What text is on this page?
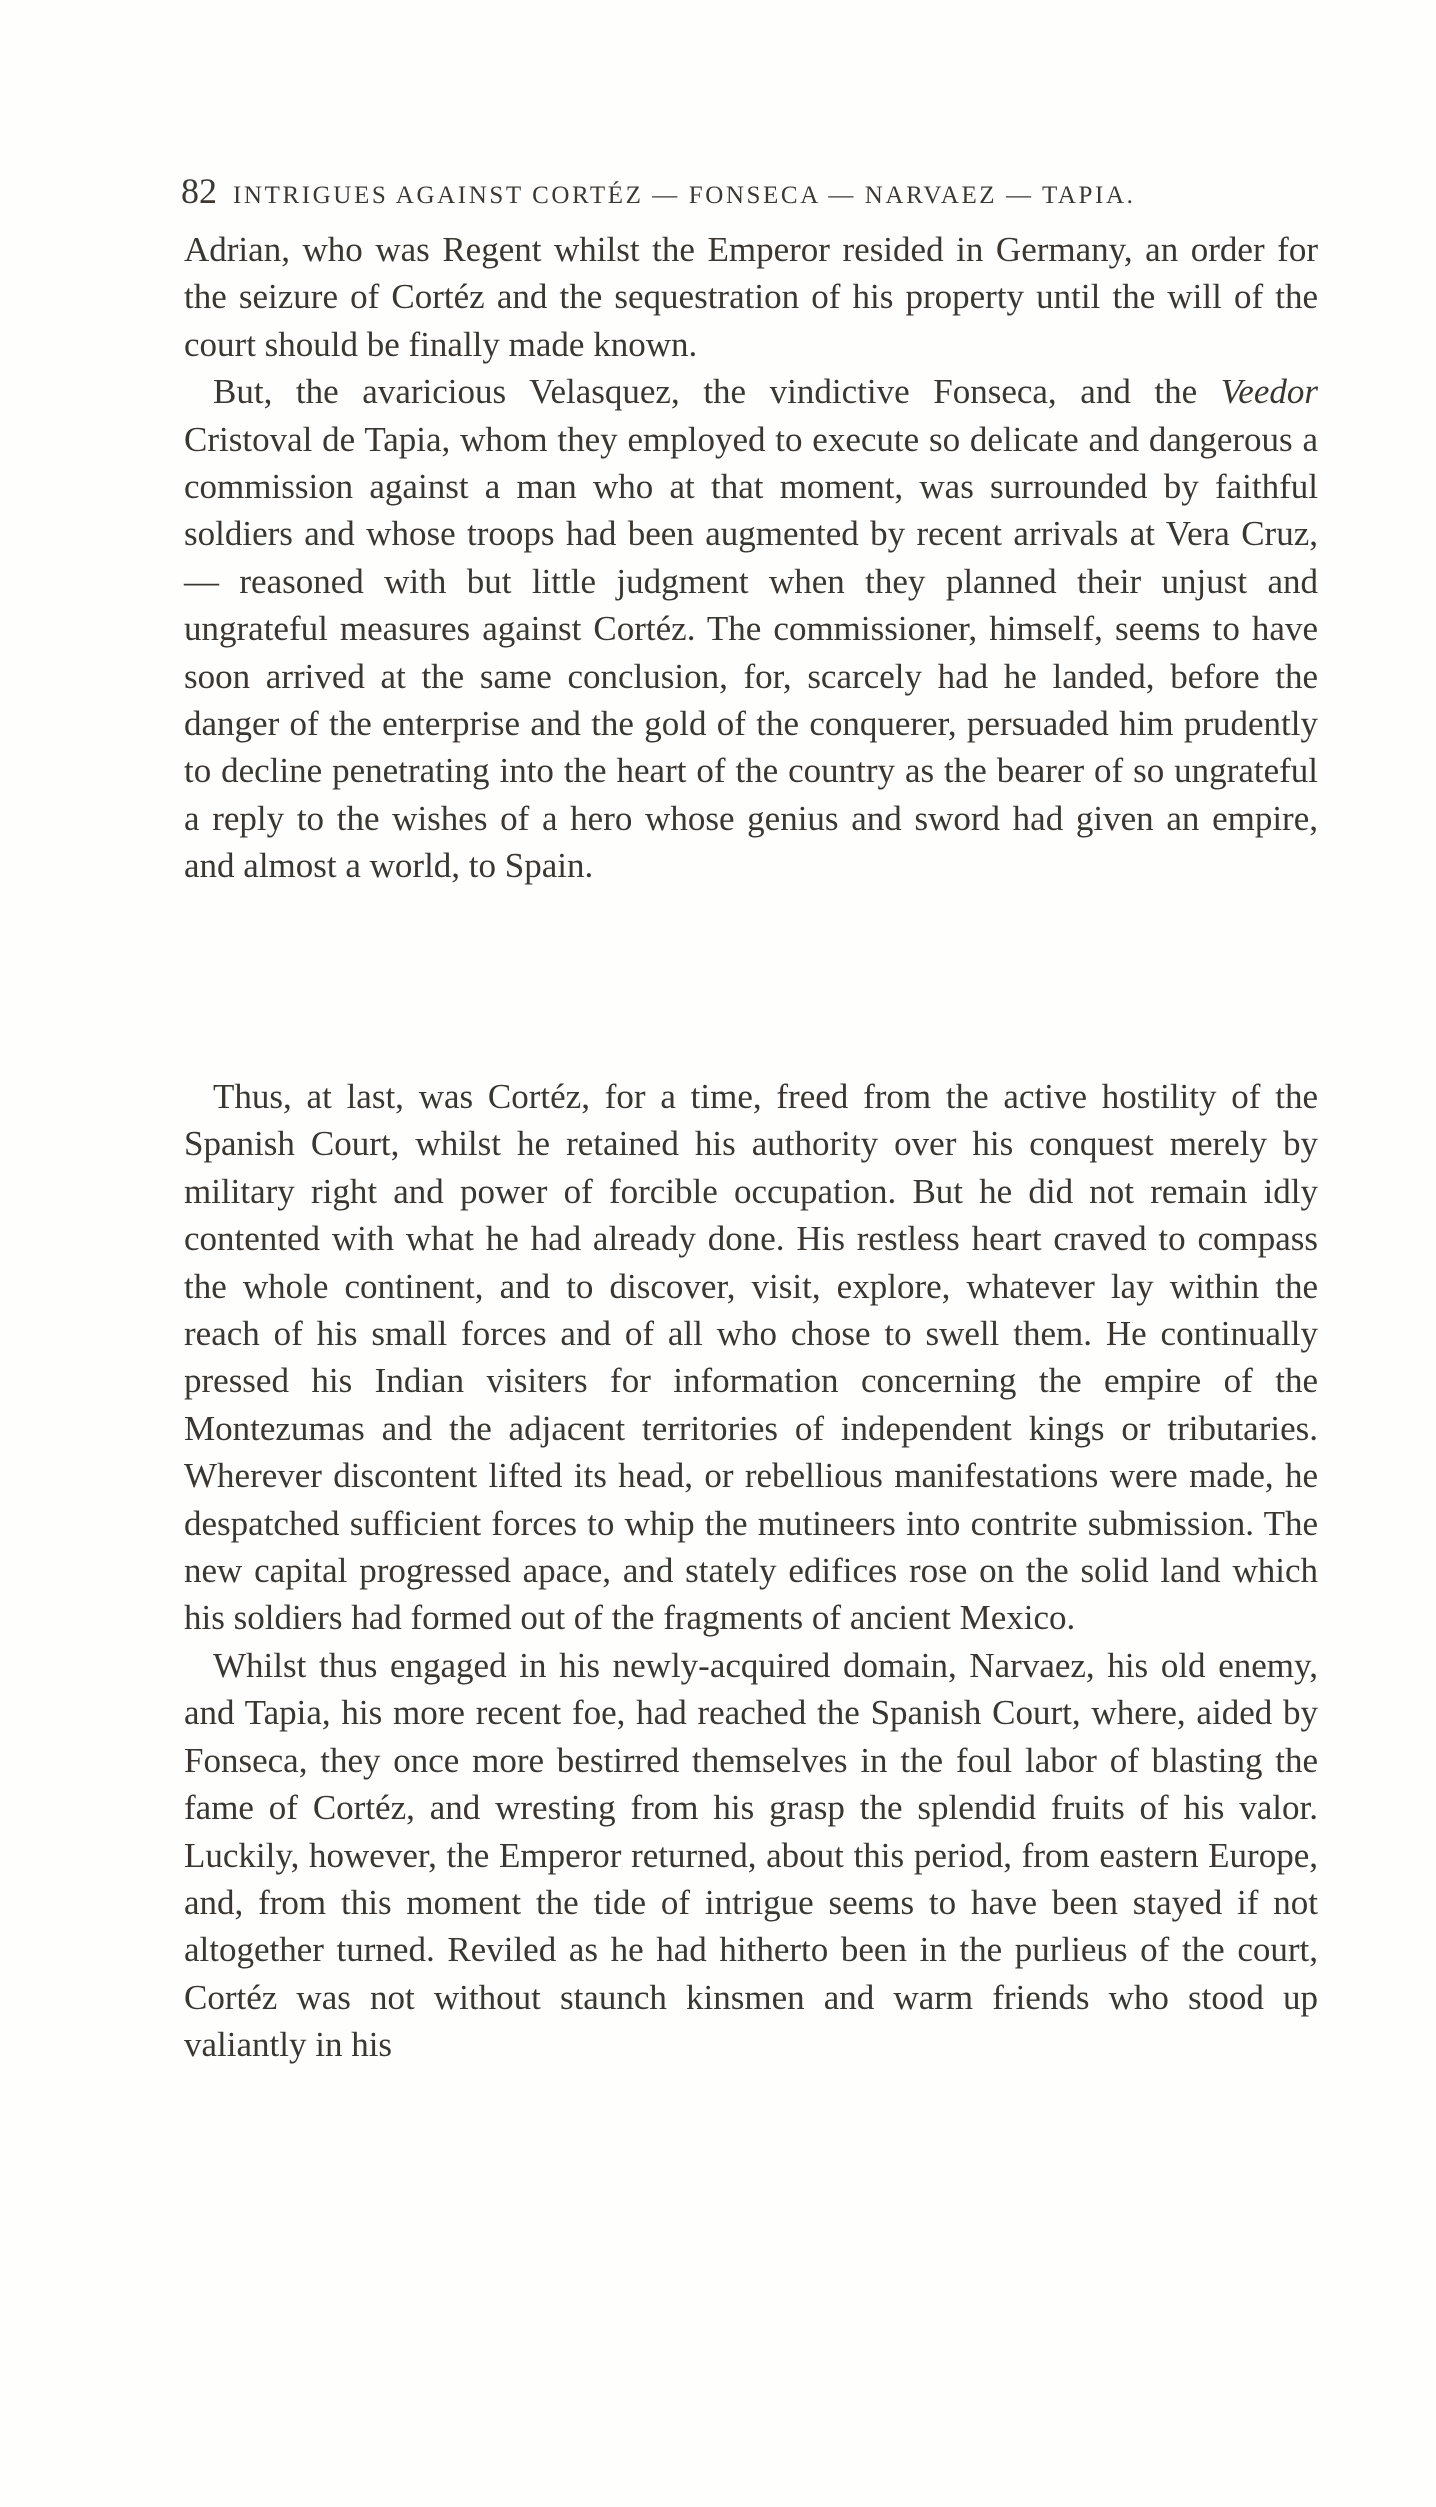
82 INTRIGUES AGAINST CORTÉZ — FONSECA — NARVAEZ — TAPIA.

Adrian, who was Regent whilst the Emperor resided in Germany, an order for the seizure of Cortéz and the sequestration of his property until the will of the court should be finally made known.

But, the avaricious Velasquez, the vindictive Fonseca, and the Veedor Cristoval de Tapia, whom they employed to execute so delicate and dangerous a commission against a man who at that moment, was surrounded by faithful soldiers and whose troops had been augmented by recent arrivals at Vera Cruz, — reasoned with but little judgment when they planned their unjust and ungrateful measures against Cortéz. The commissioner, himself, seems to have soon arrived at the same conclusion, for, scarcely had he landed, before the danger of the enterprise and the gold of the conquerer, persuaded him prudently to decline penetrating into the heart of the country as the bearer of so ungrateful a reply to the wishes of a hero whose genius and sword had given an empire, and almost a world, to Spain.

Thus, at last, was Cortéz, for a time, freed from the active hostility of the Spanish Court, whilst he retained his authority over his conquest merely by military right and power of forcible occupation. But he did not remain idly contented with what he had already done. His restless heart craved to compass the whole continent, and to discover, visit, explore, whatever lay within the reach of his small forces and of all who chose to swell them. He continually pressed his Indian visiters for information concerning the empire of the Montezumas and the adjacent territories of independent kings or tributaries. Wherever discontent lifted its head, or rebellious manifestations were made, he despatched sufficient forces to whip the mutineers into contrite submission. The new capital progressed apace, and stately edifices rose on the solid land which his soldiers had formed out of the fragments of ancient Mexico.

Whilst thus engaged in his newly-acquired domain, Narvaez, his old enemy, and Tapia, his more recent foe, had reached the Spanish Court, where, aided by Fonseca, they once more bestirred themselves in the foul labor of blasting the fame of Cortéz, and wresting from his grasp the splendid fruits of his valor. Luckily, however, the Emperor returned, about this period, from eastern Europe, and, from this moment the tide of intrigue seems to have been stayed if not altogether turned. Reviled as he had hitherto been in the purlieus of the court, Cortéz was not without staunch kinsmen and warm friends who stood up valiantly in his
